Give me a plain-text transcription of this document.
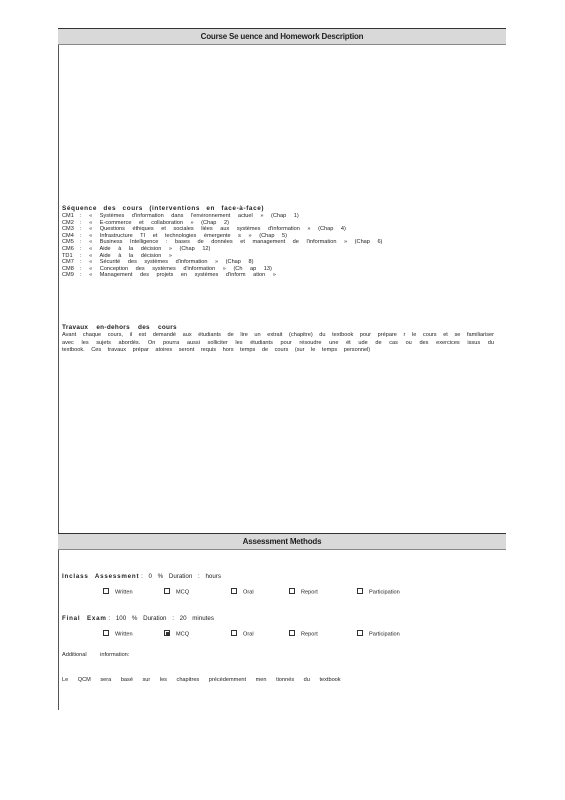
Course Se uence and Homework Description
Séquence des cours (interventions en face-à-face)
CM1	: « Systèmes d'information dans l'environnement actuel » (Chap 1)
CM2	: « E-commerce et collaboration » (Chap 2)
CM3	: « Questions éthiques et sociales liées aux systèmes d'information » (Chap 4)
CM4	: « Infrastructure TI et technologies émergente s » (Chap 5)
CM5	: « Business Intelligence : bases de données et management de l'information » (Chap 6)
CM6	: « Aide à la décision » (Chap 12)
TD1	: « Aide à la décision »
CM7	: « Sécurité des systèmes d'information » (Chap 8)
CM8	: « Conception des systèmes d'information » (Ch ap 13)
CM9	: « Management des projets en systèmes d'inform ation »
Travaux en-dehors des cours
Avant chaque cours, il est demandé aux étudiants de lire un extrait (chapitre) du textbook pour prépare r le cours et se familiariser avec les sujets abordés. On pourra aussi solliciter les étudiants pour résoudre une ét ude de cas ou des exercices issus du textbook. Ces travaux prépar atoires seront requis hors temps de cours (sur le temps personnel)
Assessment Methods
Inclass Assessment : 0 % Duration : hours
Written	MCQ	Oral	Report	Participation
Final Exam : 100 % Duration : 20 minutes
Written	MCQ	Oral	Report	Participation
Additional information:
Le QCM sera basé sur les chapitres précédemment men tionnés du textbook
